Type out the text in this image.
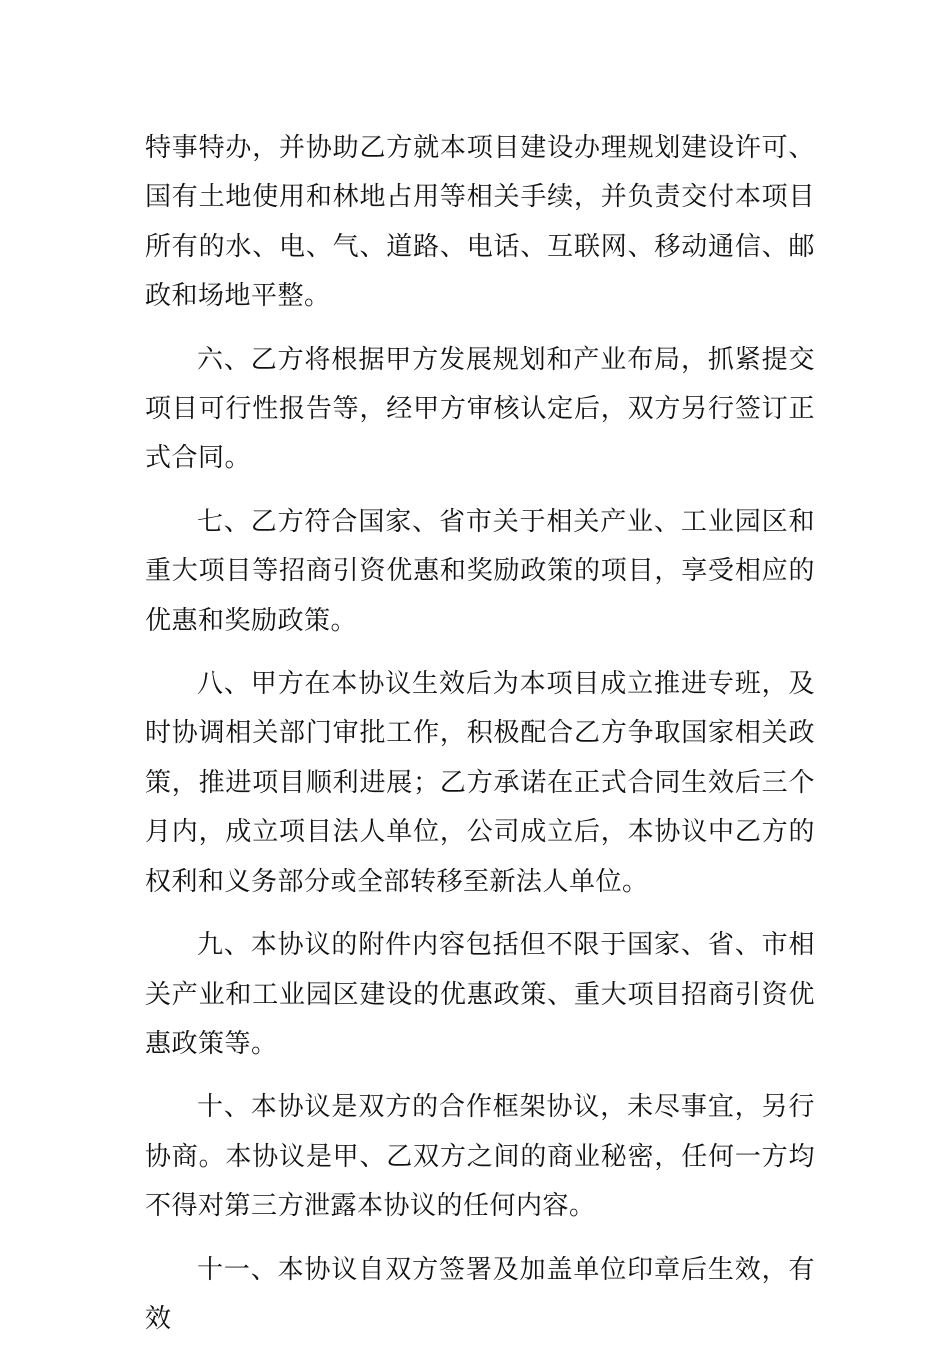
特事特办，并协助乙方就本项目建设办理规划建设许可、国有土地使用和林地占用等相关手续，并负责交付本项目所有的水、电、气、道路、电话、互联网、移动通信、邮政和场地平整。

六、乙方将根据甲方发展规划和产业布局，抓紧提交项目可行性报告等，经甲方审核认定后，双方另行签订正式合同。

七、乙方符合国家、省市关于相关产业、工业园区和重大项目等招商引资优惠和奖励政策的项目，享受相应的优惠和奖励政策。

八、甲方在本协议生效后为本项目成立推进专班，及时协调相关部门审批工作，积极配合乙方争取国家相关政策，推进项目顺利进展；乙方承诺在正式合同生效后三个月内，成立项目法人单位，公司成立后，本协议中乙方的权利和义务部分或全部转移至新法人单位。

九、本协议的附件内容包括但不限于国家、省、市相关产业和工业园区建设的优惠政策、重大项目招商引资优惠政策等。

十、本协议是双方的合作框架协议，未尽事宜，另行协商。本协议是甲、乙双方之间的商业秘密，任何一方均不得对第三方泄露本协议的任何内容。

十一、本协议自双方签署及加盖单位印章后生效，有效
